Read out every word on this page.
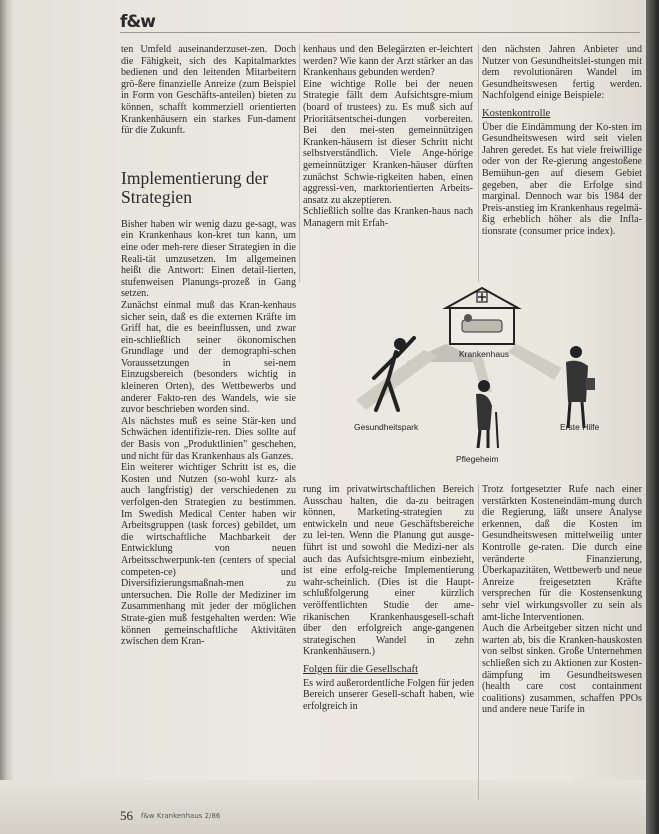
f&w

ten Umfeld auseinanderzuset-zen. Doch die Fähigkeit, sich des Kapitalmarktes bedienen und den leitenden Mitarbeitern grö-ßere finanzielle Anreize (zum Beispiel in Form von Geschäfts-anteilen) bieten zu können, schafft kommerziell orientierten Krankenhäusern ein starkes Fun-dament für die Zukunft.

Implementierung der Strategien

Bisher haben wir wenig dazu ge-sagt, was ein Krankenhaus kon-kret tun kann, um eine oder meh-rere dieser Strategien in die Reali-tät umzusetzen. Im allgemeinen heißt die Antwort: Einen detail-lierten, stufenweisen Planungs-prozeß in Gang setzen.

Zunächst einmal muß das Kran-kenhaus sicher sein, daß es die externen Kräfte im Griff hat, die es beeinflussen, und zwar ein-schließlich seiner ökonomischen Grundlage und der demographi-schen Voraussetzungen in sei-nem Einzugsbereich (besonders wichtig in kleineren Orten), des Wettbewerbs und anderer Fakto-ren des Wandels, wie sie zuvor beschrieben worden sind.

Als nächstes muß es seine Stär-ken und Schwächen identifizie-ren. Dies sollte auf der Basis von „Produktlinien" geschehen, und nicht für das Krankenhaus als Ganzes.

Ein weiterer wichtiger Schritt ist es, die Kosten und Nutzen (so-wohl kurz- als auch langfristig) der verschiedenen zu verfolgen-den Strategien zu bestimmen. Im Swedish Medical Center haben wir Arbeitsgruppen (task forces) gebildet, um die wirtschaftliche Machbarkeit der Entwicklung von neuen Arbeitsschwerpunk-ten (centers of special competen-ce) und Diversifizierungsmaßnah-men zu untersuchen. Die Rolle der Mediziner im Zusammenhang mit jeder der möglichen Strate-gien muß festgehalten werden: Wie können gemeinschaftliche Aktivitäten zwischen dem Kran-

kenhaus und den Belegärzten er-leichtert werden? Wie kann der Arzt stärker an das Krankenhaus gebunden werden?

Eine wichtige Rolle bei der neuen Strategie fällt dem Aufsichtsgre-mium (board of trustees) zu. Es muß sich auf Prioritätsentschei-dungen vorbereiten. Bei den mei-sten gemeinnützigen Kranken-häusern ist dieser Schritt nicht selbstverständlich. Viele Ange-hörige gemeinnütziger Kranken-häuser dürften zunächst Schwie-rigkeiten haben, einen aggressi-ven, marktorientierten Arbeits-ansatz zu akzeptieren.

Schließlich sollte das Kranken-haus nach Managern mit Erfah-

den nächsten Jahren Anbieter und Nutzer von Gesundheitslei-stungen mit dem revolutionären Wandel im Gesundheitswesen fertig werden. Nachfolgend einige Beispiele:

Kostenkontrolle

Über die Eindämmung der Ko-sten im Gesundheitswesen wird seit vielen Jahren geredet. Es hat viele freiwillige oder von der Re-gierung angestoßene Bemühun-gen auf diesem Gebiet gegeben, aber die Erfolge sind marginal. Dennoch war bis 1984 der Preis-anstieg im Krankenhaus regelmä-ßig erheblich höher als die Infla-tionsrate (consumer price index).

Krankenhaus
Gesundheitspark
Pflegeheim
Erste Hilfe

rung im privatwirtschaftlichen Bereich Ausschau halten, die da-zu beitragen können, Marketing-strategien zu entwickeln und neue Geschäftsbereiche zu lei-ten. Wenn die Planung gut ausge-führt ist und sowohl die Medizi-ner als auch das Aufsichtsgre-mium einbezieht, ist eine erfolg-reiche Implementierung wahr-scheinlich. (Dies ist die Haupt-schlußfolgerung einer kürzlich veröffentlichten Studie der ame-rikanischen Krankenhausgesell-schaft über den erfolgreich ange-gangenen strategischen Wandel in zehn Krankenhäusern.)

Folgen für die Gesellschaft

Es wird außerordentliche Folgen für jeden Bereich unserer Gesell-schaft haben, wie erfolgreich in

Trotz fortgesetzter Rufe nach einer verstärkten Kosteneindäm-mung durch die Regierung, läßt unsere Analyse erkennen, daß die Kosten im Gesundheitswesen mittelweilig unter Kontrolle ge-raten. Die durch eine veränderte Finanzierung, Überkapazitäten, Wettbewerb und neue Anreize freigesetzten Kräfte versprechen für die Kostensenkung sehr viel wirkungsvoller zu sein als amt-liche Interventionen.

Auch die Arbeitgeber sitzen nicht und warten ab, bis die Kranken-hauskosten von selbst sinken. Große Unternehmen schließen sich zu Aktionen zur Kosten-dämpfung im Gesundheitswesen (health care cost containment coalitions) zusammen, schaffen PPOs und andere neue Tarife in

56 f&w Krankenhaus 2/86
